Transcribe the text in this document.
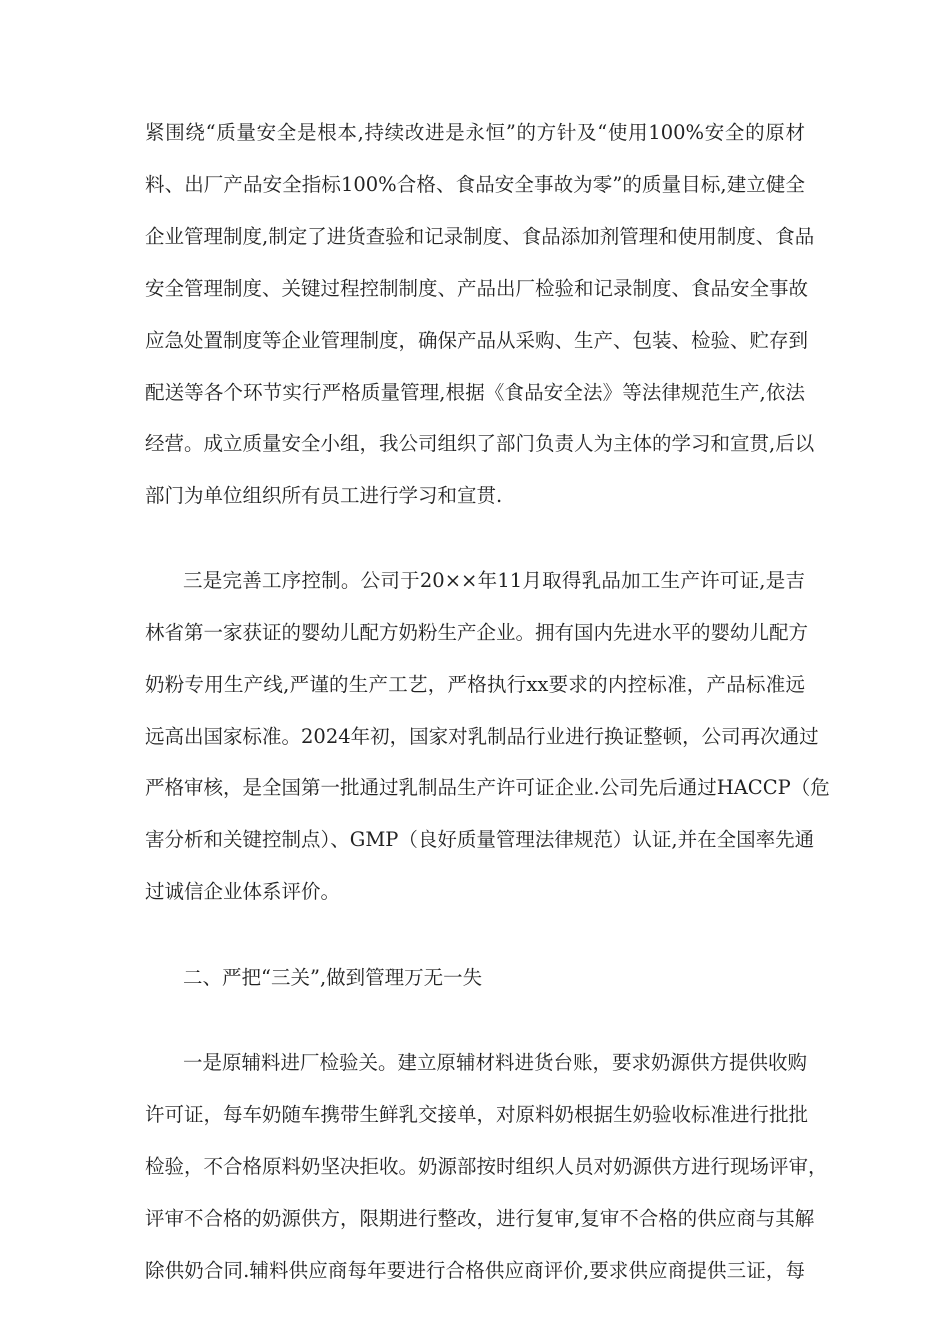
紧围绕“质量安全是根本,持续改进是永恒”的方针及“使用100%安全的原材
料、出厂产品安全指标100%合格、食品安全事故为零”的质量目标,建立健全
企业管理制度,制定了进货查验和记录制度、食品添加剂管理和使用制度、食品
安全管理制度、关键过程控制制度、产品出厂检验和记录制度、食品安全事故
应急处置制度等企业管理制度，确保产品从采购、生产、包装、检验、贮存到
配送等各个环节实行严格质量管理,根据《食品安全法》等法律规范生产,依法
经营。成立质量安全小组，我公司组织了部门负责人为主体的学习和宣贯,后以
部门为单位组织所有员工进行学习和宣贯.
三是完善工序控制。公司于20××年11月取得乳品加工生产许可证,是吉
林省第一家获证的婴幼儿配方奶粉生产企业。拥有国内先进水平的婴幼儿配方
奶粉专用生产线,严谨的生产工艺，严格执行xx要求的内控标准，产品标准远
远高出国家标准。2024年初，国家对乳制品行业进行换证整顿，公司再次通过
严格审核，是全国第一批通过乳制品生产许可证企业.公司先后通过HACCP（危
害分析和关键控制点）、GMP（良好质量管理法律规范）认证,并在全国率先通
过诚信企业体系评价。
二、严把“三关”,做到管理万无一失
一是原辅料进厂检验关。建立原辅材料进货台账，要求奶源供方提供收购
许可证，每车奶随车携带生鲜乳交接单，对原料奶根据生奶验收标准进行批批
检验，不合格原料奶坚决拒收。奶源部按时组织人员对奶源供方进行现场评审，
评审不合格的奶源供方，限期进行整改，进行复审,复审不合格的供应商与其解
除供奶合同.辅料供应商每年要进行合格供应商评价,要求供应商提供三证，每
